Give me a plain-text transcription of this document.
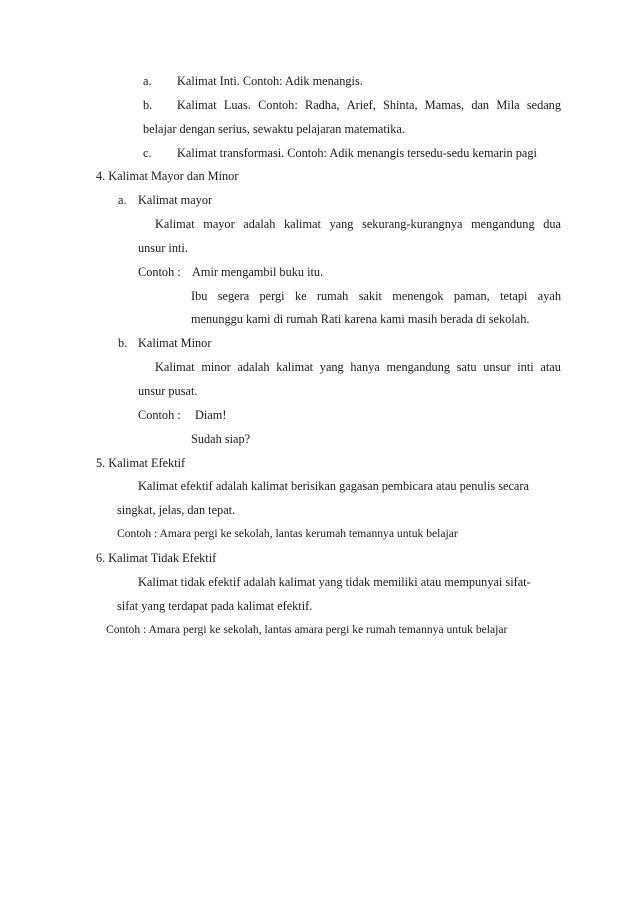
a. Kalimat Inti. Contoh: Adik menangis.
b.	Kalimat Luas. Contoh: Radha, Arief, Shinta, Mamas, dan Mila sedang
belajar dengan serius, sewaktu pelajaran matematika.
c. Kalimat transformasi. Contoh: Adik menangis tersedu-sedu kemarin pagi
4. Kalimat Mayor dan Minor
a. Kalimat mayor
Kalimat mayor adalah kalimat yang sekurang-kurangnya mengandung dua
unsur inti.
Contoh : Amir mengambil buku itu.
Ibu segera pergi ke rumah sakit menengok paman, tetapi ayah
menunggu kami di rumah Rati karena kami masih berada di sekolah.
b. Kalimat Minor
Kalimat minor adalah kalimat yang hanya mengandung satu unsur inti atau
unsur pusat.
Contoh : Diam!
Sudah siap?
5. Kalimat Efektif
Kalimat efektif adalah kalimat berisikan gagasan pembicara atau penulis secara
singkat, jelas, dan tepat.
Contoh : Amara pergi ke sekolah, lantas kerumah temannya untuk belajar
6. Kalimat Tidak Efektif
Kalimat tidak efektif adalah kalimat yang tidak memiliki atau mempunyai sifat-
sifat yang terdapat pada kalimat efektif.
Contoh : Amara pergi ke sekolah, lantas amara pergi ke rumah temannya untuk belajar
